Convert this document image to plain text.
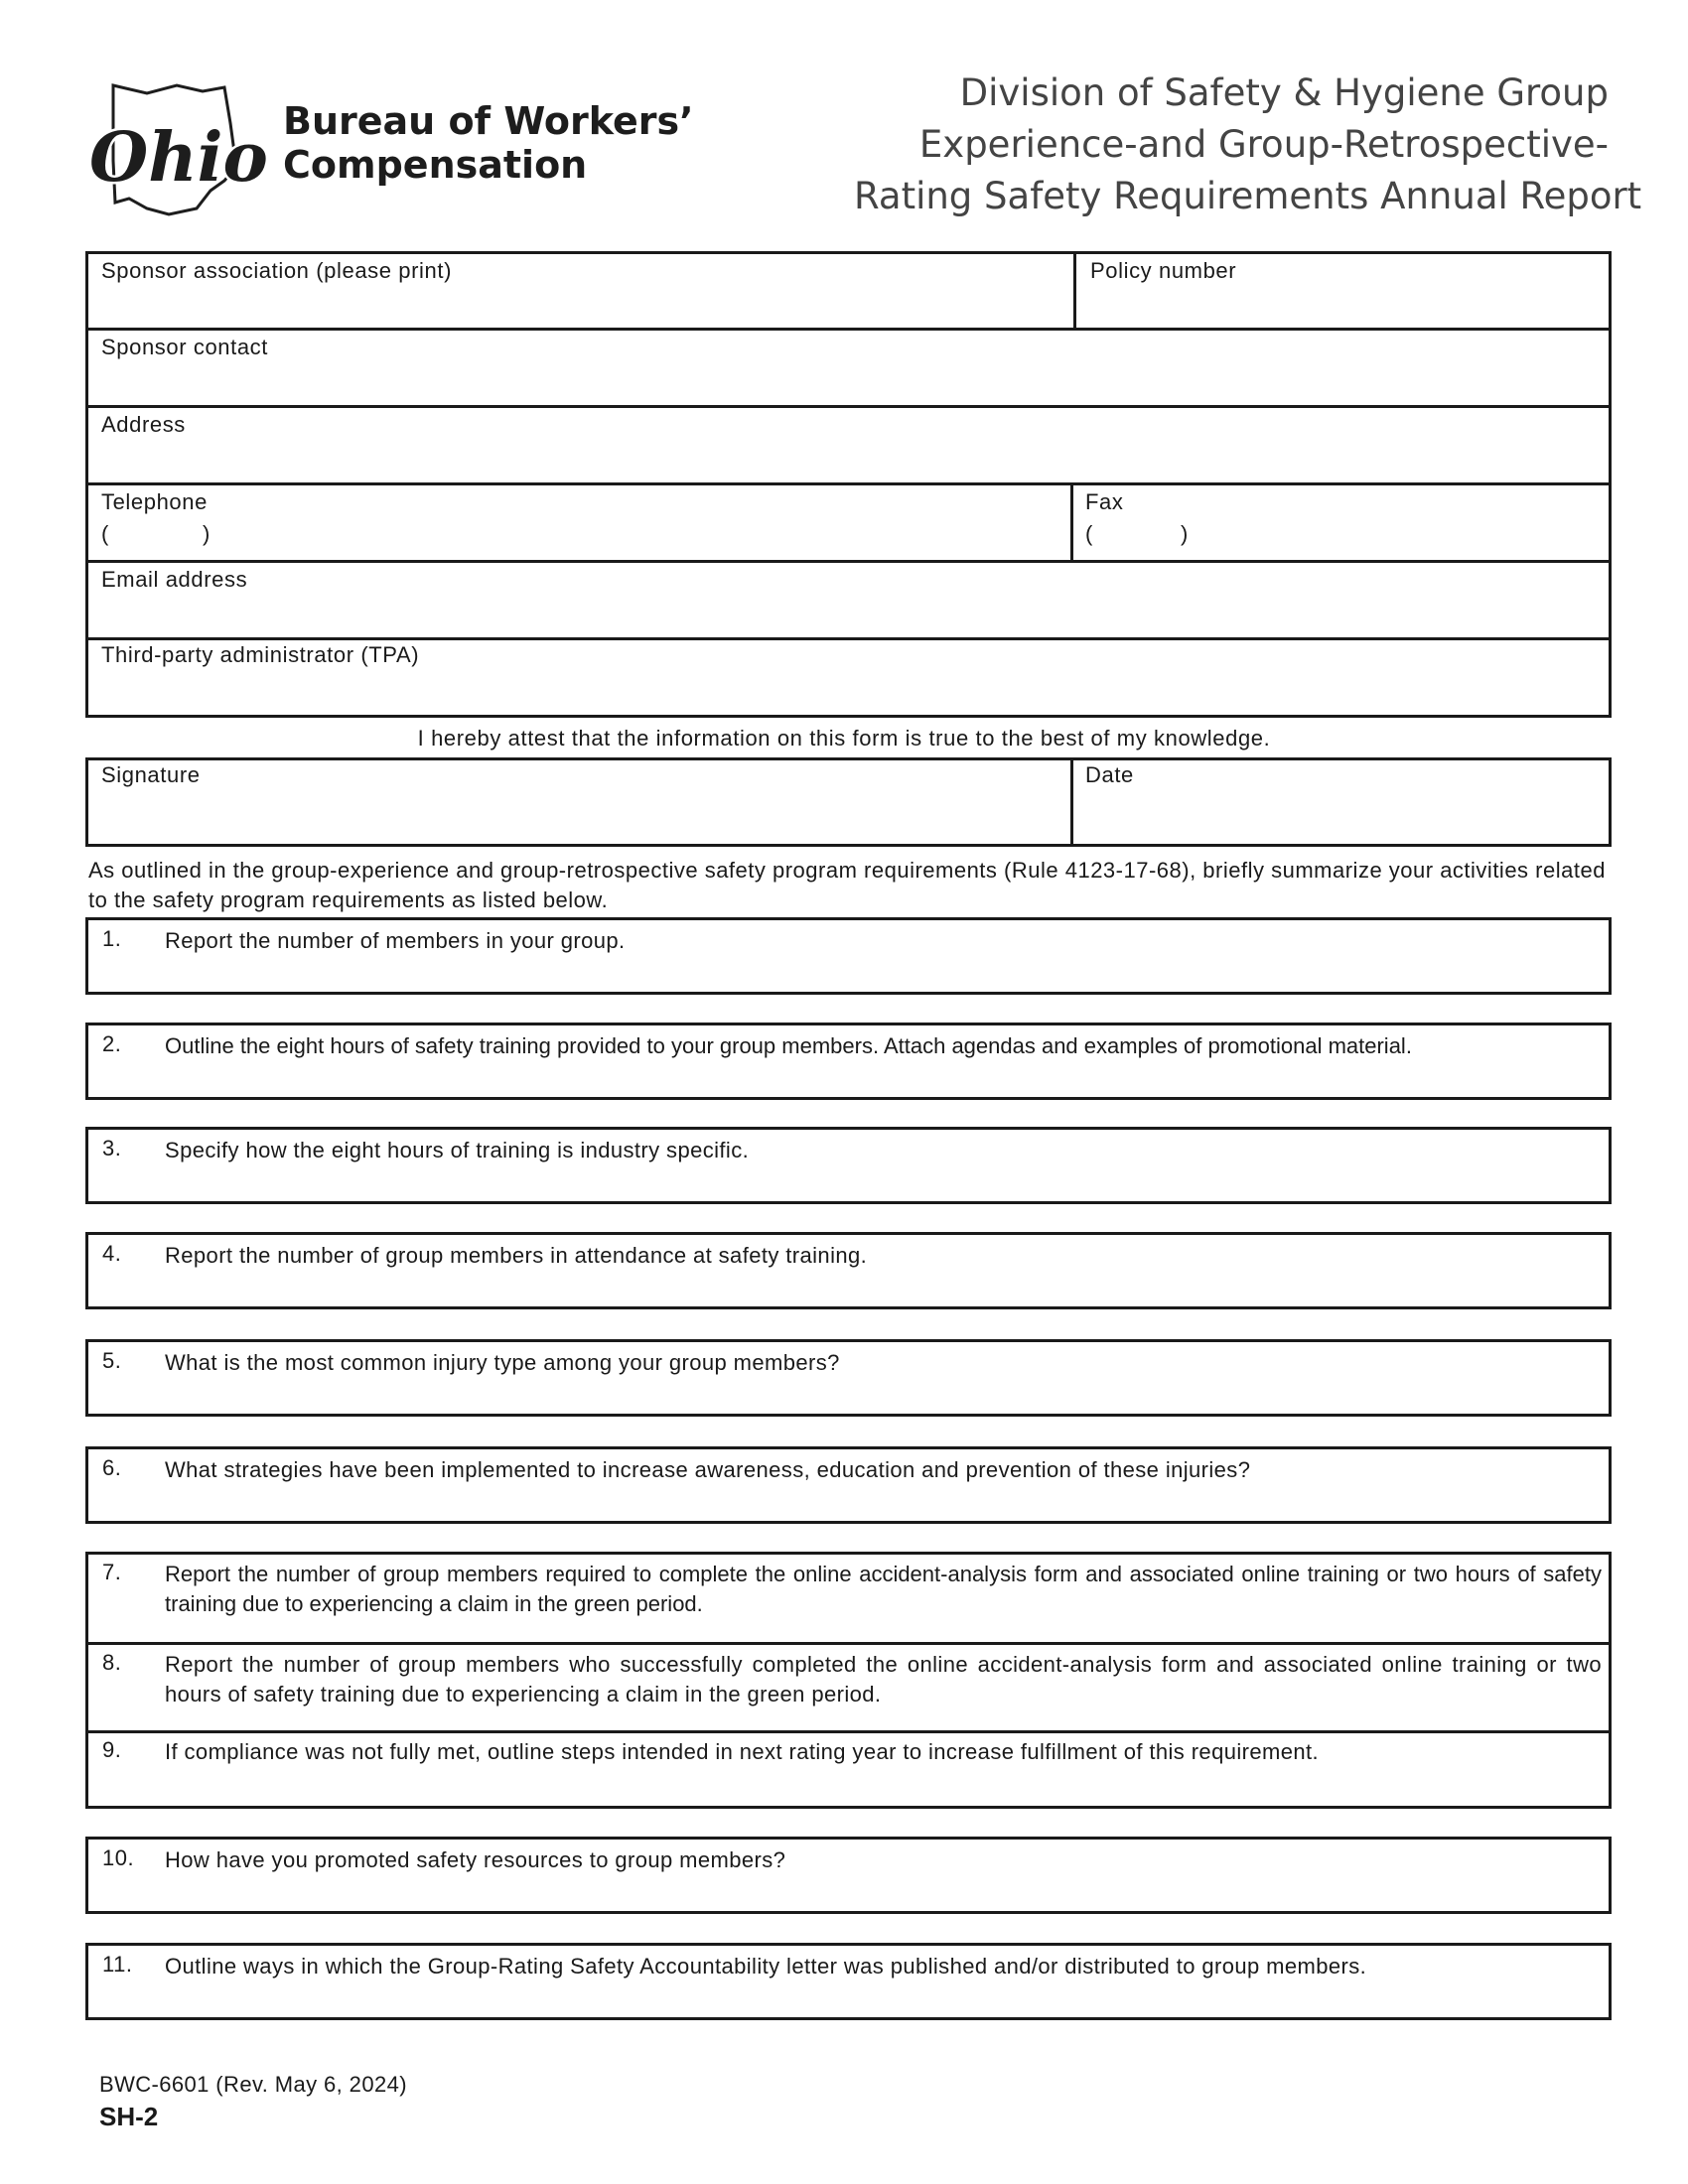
Ohio Bureau of Workers’
Compensation
Division of Safety & Hygiene Group
Experience-and Group-Retrospective-
Rating Safety Requirements Annual Report
Sponsor association (please print)	Policy number
Sponsor contact
Address
Telephone
(	)
Fax
(	)
Email address
Third-party administrator (TPA)
I hereby attest that the information on this form is true to the best of my knowledge.
Signature	Date
As outlined in the group-experience and group-retrospective safety program requirements (Rule 4123-17-68), briefly summarize your activities related to the safety program requirements as listed below.
1. Report the number of members in your group.
2. Outline the eight hours of safety training provided to your group members. Attach agendas and examples of promotional material.
3. Specify how the eight hours of training is industry specific.
4. Report the number of group members in attendance at safety training.
5. What is the most common injury type among your group members?
6. What strategies have been implemented to increase awareness, education and prevention of these injuries?
7. Report the number of group members required to complete the online accident-analysis form and associated online training or two hours of safety training due to experiencing a claim in the green period.
8. Report the number of group members who successfully completed the online accident-analysis form and associated online training or two hours of safety training due to experiencing a claim in the green period.
9. If compliance was not fully met, outline steps intended in next rating year to increase fulfillment of this requirement.
10. How have you promoted safety resources to group members?
11. Outline ways in which the Group-Rating Safety Accountability letter was published and/or distributed to group members.
BWC-6601 (Rev. May 6, 2024)
SH-2
